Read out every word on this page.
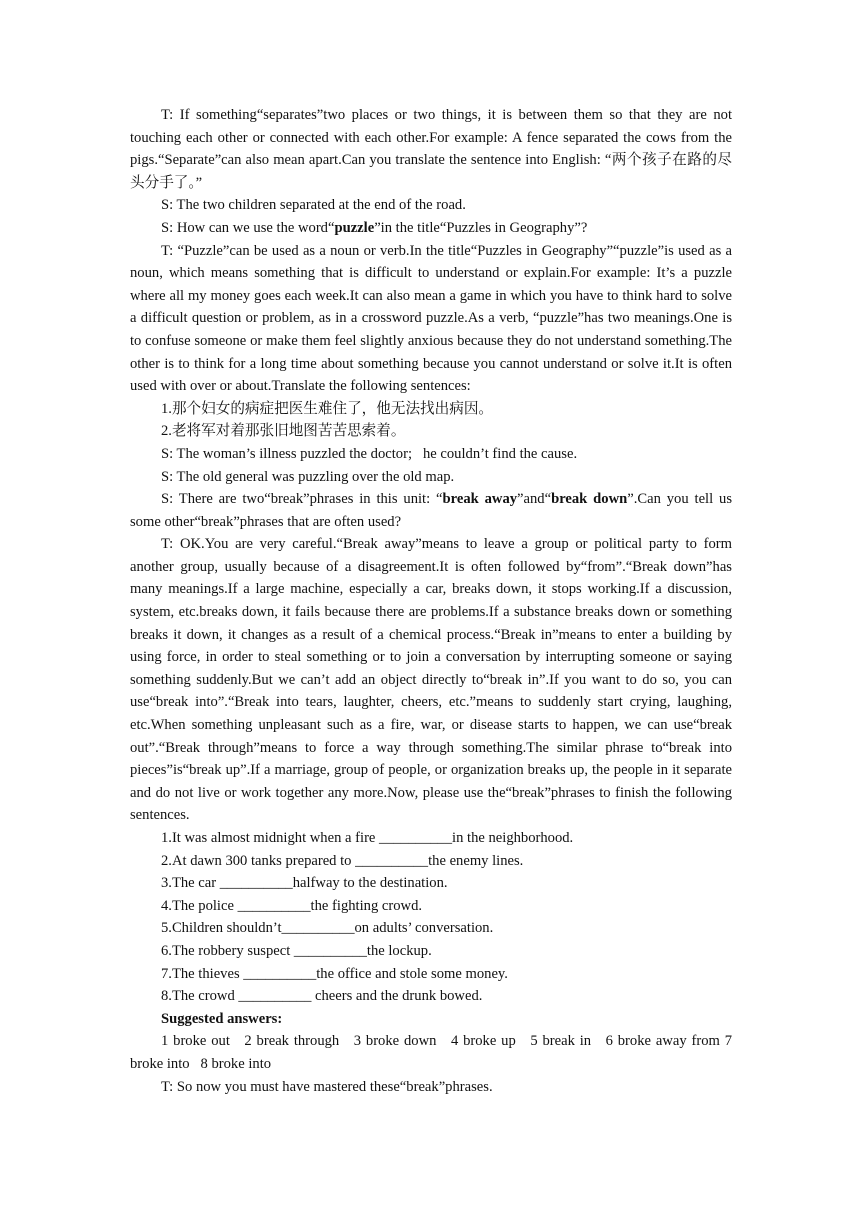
T: If something“separates”two places or two things, it is between them so that they are not touching each other or connected with each other.For example: A fence separated the cows from the pigs.“Separate”can also mean apart.Can you translate the sentence into English: “两个孩子在路的尽头分手了。”

S: The two children separated at the end of the road.

S: How can we use the word“puzzle”in the title“Puzzles in Geography”?

T: “Puzzle”can be used as a noun or verb.In the title“Puzzles in Geography”“puzzle”is used as a noun, which means something that is difficult to understand or explain.For example: It’s a puzzle where all my money goes each week.It can also mean a game in which you have to think hard to solve a difficult question or problem, as in a crossword puzzle.As a verb, “puzzle”has two meanings.One is to confuse someone or make them feel slightly anxious because they do not understand something.The other is to think for a long time about something because you cannot understand or solve it.It is often used with over or about.Translate the following sentences:

1.那个妇女的病症把医生难住了，他无法找出病因。

2.老将军对着那张旧地图苦苦思索着。

S: The woman’s illness puzzled the doctor;   he couldn’t find the cause.

S: The old general was puzzling over the old map.

S: There are two“break”phrases in this unit: “break away”and“break down”.Can you tell us some other“break”phrases that are often used?

T: OK.You are very careful.“Break away”means to leave a group or political party to form another group, usually because of a disagreement.It is often followed by“from”.“Break down”has many meanings.If a large machine, especially a car, breaks down, it stops working.If a discussion, system, etc.breaks down, it fails because there are problems.If a substance breaks down or something breaks it down, it changes as a result of a chemical process.“Break in”means to enter a building by using force, in order to steal something or to join a conversation by interrupting someone or saying something suddenly.But we can’t add an object directly to“break in”.If you want to do so, you can use“break into”.“Break into tears, laughter, cheers, etc.”means to suddenly start crying, laughing, etc.When something unpleasant such as a fire, war, or disease starts to happen, we can use“break out”.“Break through”means to force a way through something.The similar phrase to“break into pieces”is“break up”.If a marriage, group of people, or organization breaks up, the people in it separate and do not live or work together any more.Now, please use the“break”phrases to finish the following sentences.

1.It was almost midnight when a fire __________in the neighborhood.

2.At dawn 300 tanks prepared to __________the enemy lines.

3.The car __________halfway to the destination.

4.The police __________the fighting crowd.

5.Children shouldn’t__________on adults’ conversation.

6.The robbery suspect __________the lockup.

7.The thieves __________the office and stole some money.

8.The crowd __________ cheers and the drunk bowed.

Suggested answers:

1 broke out   2 break through   3 broke down   4 broke up   5 break in   6 broke away from 7 broke into   8 broke into

T: So now you must have mastered these“break”phrases.
